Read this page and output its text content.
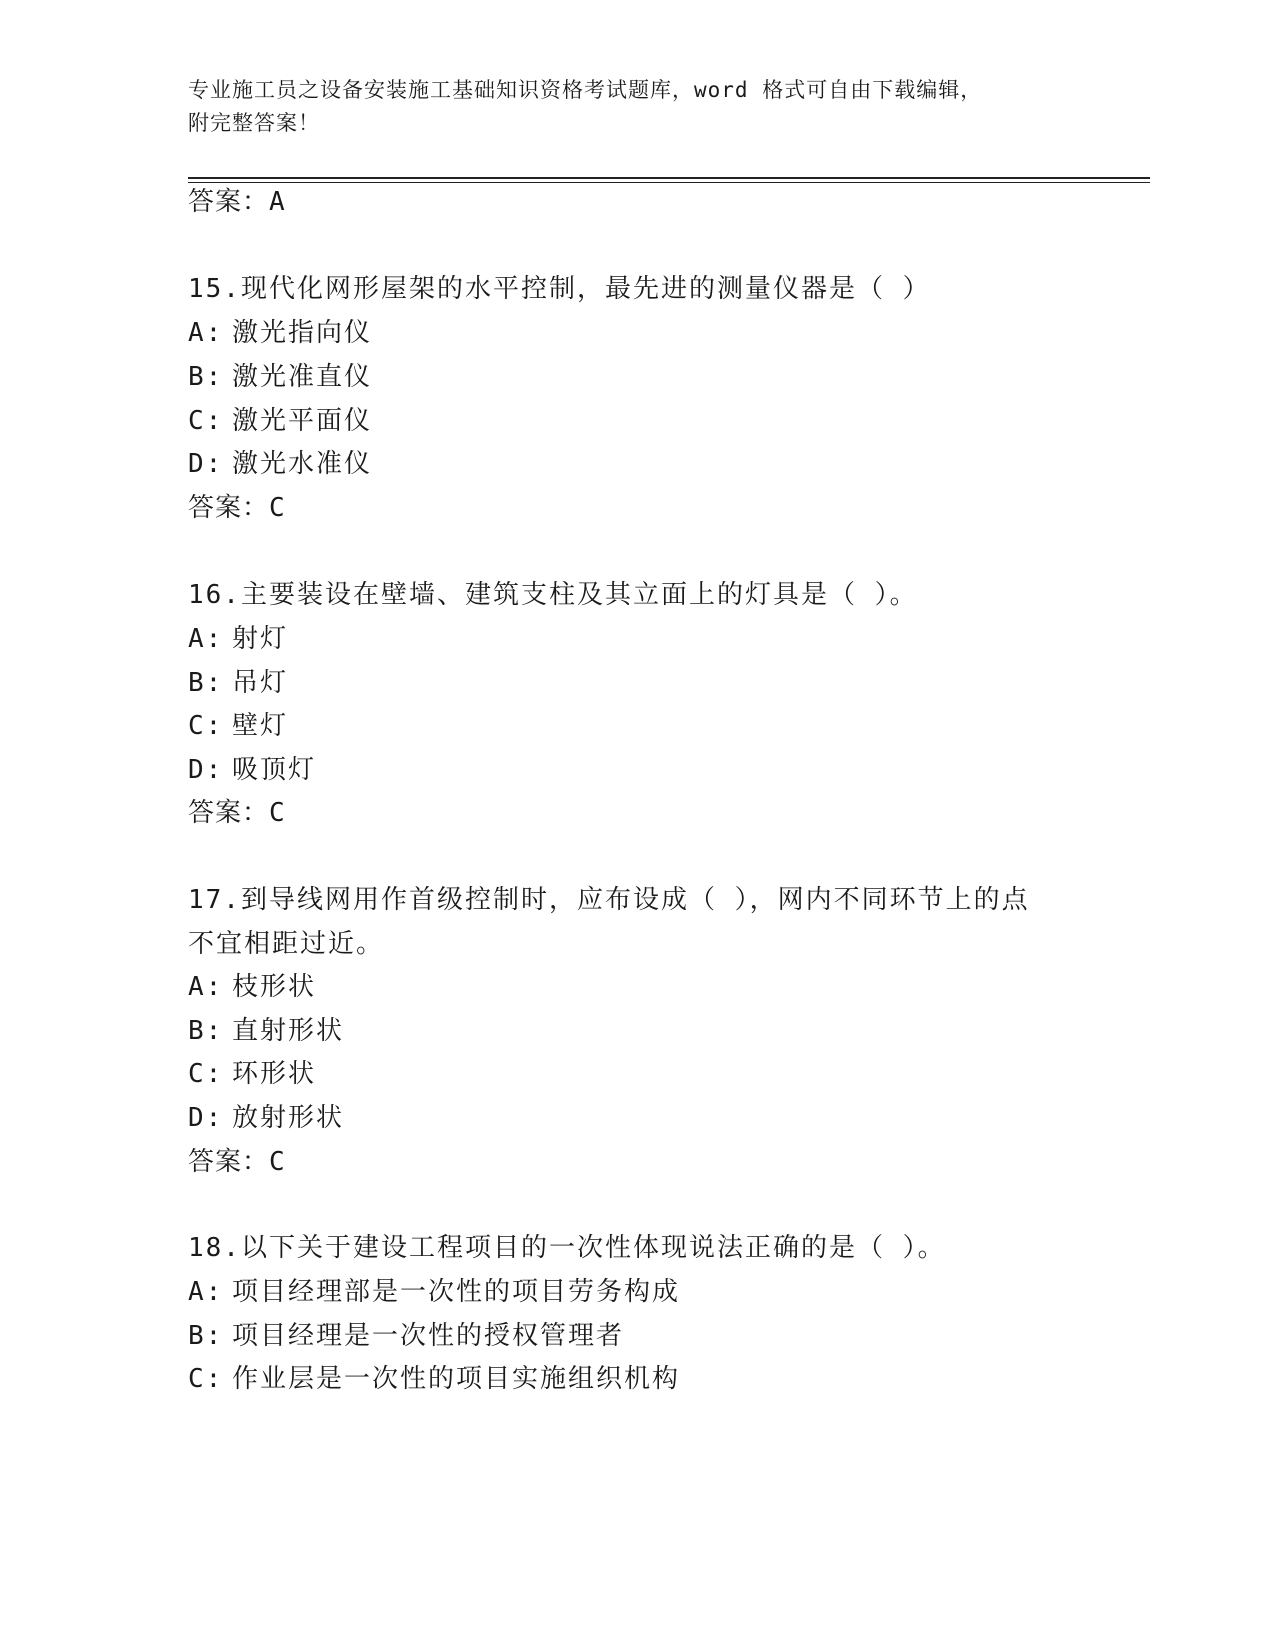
专业施工员之设备安装施工基础知识资格考试题库，word 格式可自由下载编辑，
附完整答案！
答案：A
15.现代化网形屋架的水平控制，最先进的测量仪器是（ ）
A: 激光指向仪
B: 激光准直仪
C: 激光平面仪
D: 激光水准仪
答案：C
16.主要装设在壁墙、建筑支柱及其立面上的灯具是（ ）。
A: 射灯
B: 吊灯
C: 壁灯
D: 吸顶灯
答案：C
17.到导线网用作首级控制时，应布设成（ ），网内不同环节上的点
不宜相距过近。
A: 枝形状
B: 直射形状
C: 环形状
D: 放射形状
答案：C
18.以下关于建设工程项目的一次性体现说法正确的是（ ）。
A: 项目经理部是一次性的项目劳务构成
B: 项目经理是一次性的授权管理者
C: 作业层是一次性的项目实施组织机构
